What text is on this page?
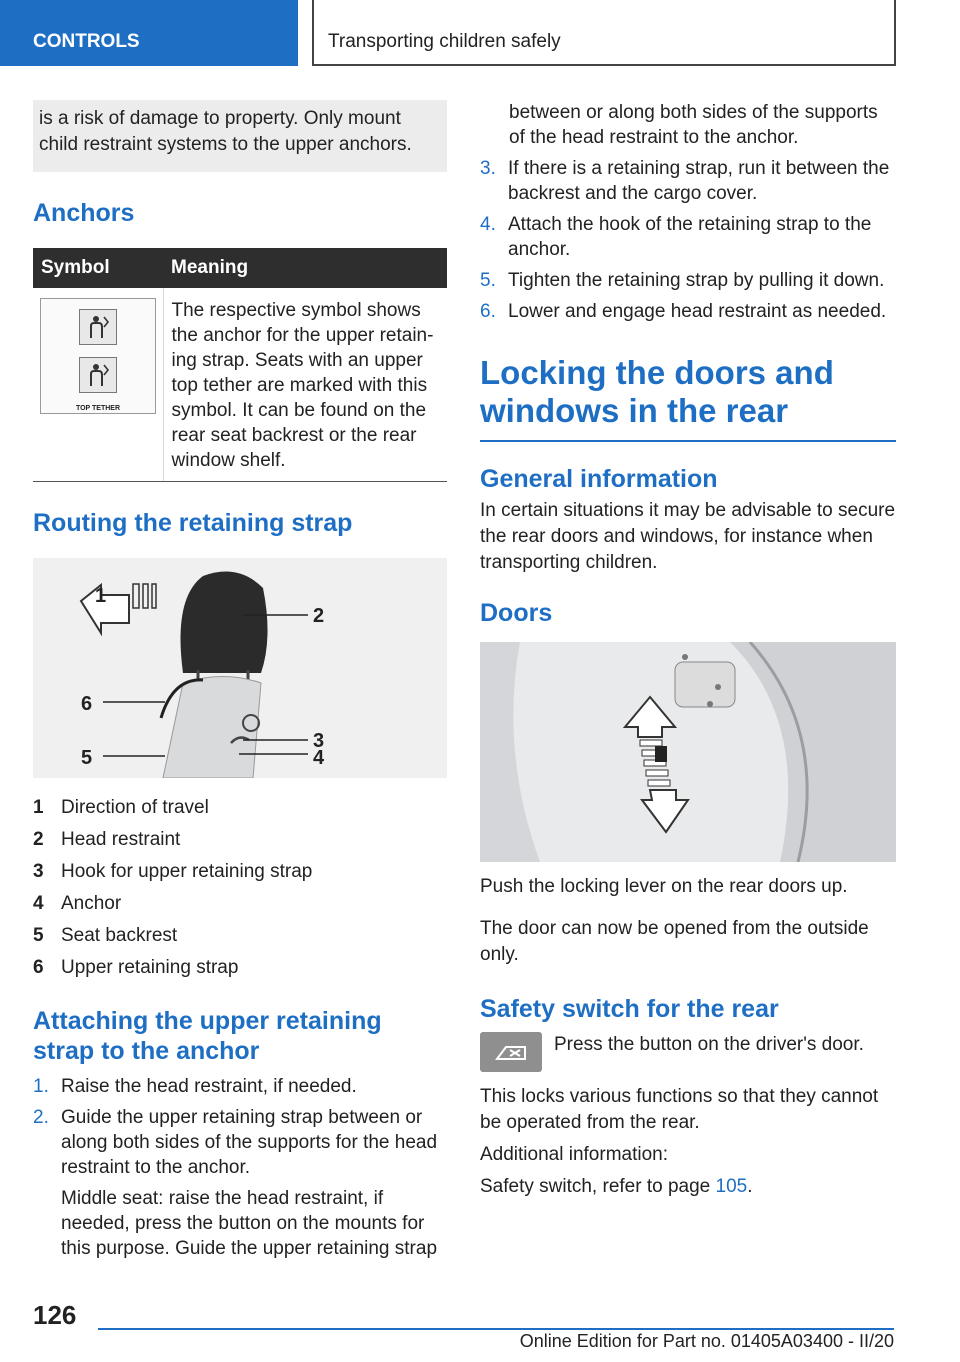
CONTROLS	Transporting children safely
is a risk of damage to property. Only mount child restraint systems to the upper anchors.
Anchors
Symbol	Meaning

TOP TETHER	The respective symbol shows the anchor for the upper retain-ing strap. Seats with an upper top tether are marked with this symbol. It can be found on the rear seat backrest or the rear window shelf.
Routing the retaining strap
1
2
3
4
5
6
1 Direction of travel
2 Head restraint
3 Hook for upper retaining strap
4 Anchor
5 Seat backrest
6 Upper retaining strap
Attaching the upper retaining strap to the anchor
1. Raise the head restraint, if needed.
2. Guide the upper retaining strap between or along both sides of the supports for the head restraint to the anchor.
Middle seat: raise the head restraint, if needed, press the button on the mounts for this purpose. Guide the upper retaining strap
between or along both sides of the supports of the head restraint to the anchor.
3. If there is a retaining strap, run it between the backrest and the cargo cover.
4. Attach the hook of the retaining strap to the anchor.
5. Tighten the retaining strap by pulling it down.
6. Lower and engage head restraint as needed.
Locking the doors and windows in the rear
General information

In certain situations it may be advisable to secure the rear doors and windows, for instance when transporting children.

Doors

Push the locking lever on the rear doors up.

The door can now be opened from the outside only.

Safety switch for the rear

Press the button on the driver's door.

This locks various functions so that they cannot be operated from the rear.

Additional information:

Safety switch, refer to page 105.

126
Online Edition for Part no. 01405A03400 - II/20
